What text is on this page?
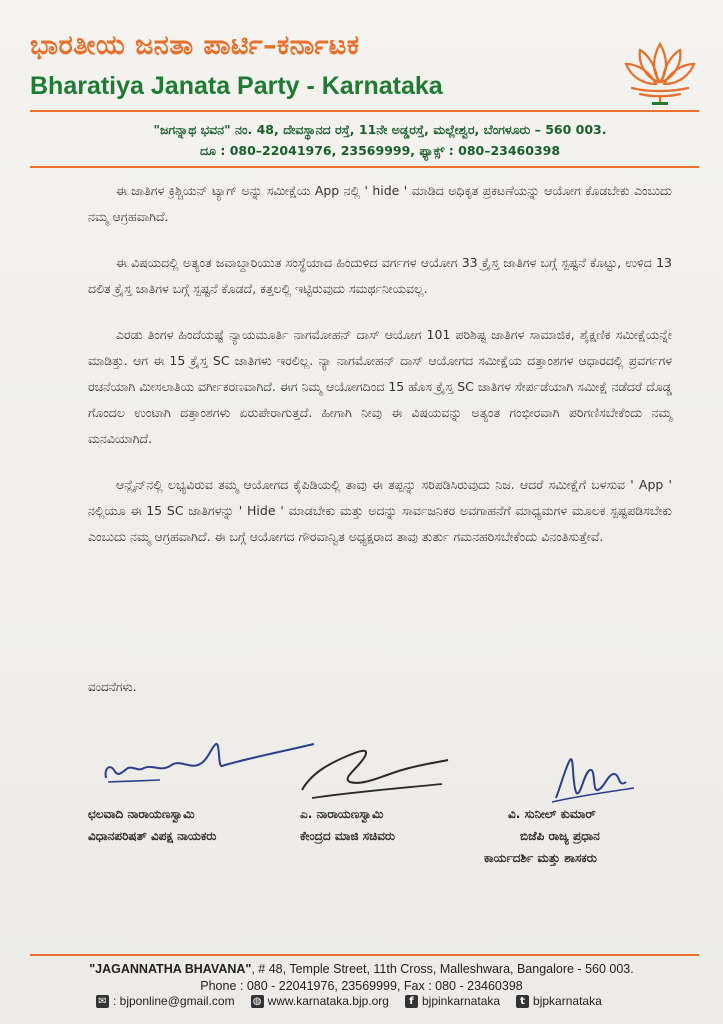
ಭಾರತೀಯ ಜನತಾ ಪಾರ್ಟಿ–ಕರ್ನಾಟಕ
Bharatiya Janata Party - Karnataka
"ಜಗನ್ನಾಥ ಭವನ" ನಂ. 48, ದೇವಸ್ಥಾನದ ರಸ್ತೆ, 11ನೇ ಅಡ್ಡರಸ್ತೆ, ಮಲ್ಲೇಶ್ವರ, ಬೆಂಗಳೂರು – 560 003.
ದೂ : 080–22041976, 23569999, ಫ್ಯಾಕ್ಸ್ : 080–23460398

ಈ ಜಾತಿಗಳ ಕ್ರಿಶ್ಚಿಯನ್ ಟ್ಯಾಗ್ ಅನ್ನು ಸಮೀಕ್ಷೆಯ App ನಲ್ಲಿ ' hide ' ಮಾಡಿದ ಅಧಿಕೃತ ಪ್ರಕಟಣೆಯನ್ನು ಆಯೋಗ ಕೊಡಬೇಕು ಎಂಬುದು ನಮ್ಮ ಆಗ್ರಹವಾಗಿದೆ.

ಈ ವಿಷಯದಲ್ಲಿ ಅತ್ಯಂತ ಜವಾಬ್ದಾರಿಯುತ ಸಂಸ್ಥೆಯಾದ ಹಿಂದುಳಿದ ವರ್ಗಗಳ ಆಯೋಗ 33 ಕ್ರೈಸ್ತ ಜಾತಿಗಳ ಬಗ್ಗೆ ಸ್ಪಷ್ಟನೆ ಕೊಟ್ಟು, ಉಳಿದ 13 ದಲಿತ ಕ್ರೈಸ್ತ ಜಾತಿಗಳ ಬಗ್ಗೆ ಸ್ಪಷ್ಟನೆ ಕೊಡದೆ, ಕತ್ತಲಲ್ಲಿ ಇಟ್ಟಿರುವುದು ಸಮರ್ಥನೀಯವಲ್ಲ.

ಎರಡು ತಿಂಗಳ ಹಿಂದೆಯಷ್ಟೆ ನ್ಯಾಯಮೂರ್ತಿ ನಾಗಮೋಹನ್ ದಾಸ್ ಆಯೋಗ 101 ಪರಿಶಿಷ್ಟ ಜಾತಿಗಳ ಸಾಮಾಜಿಕ, ಶೈಕ್ಷಣಿಕ ಸಮೀಕ್ಷೆಯನ್ನೇ ಮಾಡಿತ್ತು. ಆಗ ಈ 15 ಕ್ರೈಸ್ತ SC ಜಾತಿಗಳು ಇರಲಿಲ್ಲ. ನ್ಯಾ ನಾಗಮೋಹನ್ ದಾಸ್ ಆಯೋಗದ ಸಮೀಕ್ಷೆಯ ದತ್ತಾಂಶಗಳ ಆಧಾರದಲ್ಲಿ ಪ್ರವರ್ಗಗಳ ರಚನೆಯಾಗಿ ಮೀಸಲಾತಿಯ ವರ್ಗೀಕರಣವಾಗಿದೆ. ಈಗ ನಿಮ್ಮ ಆಯೋಗದಿಂದ 15 ಹೊಸ ಕ್ರೈಸ್ತ SC ಜಾತಿಗಳ ಸೇರ್ಪಡೆಯಾಗಿ ಸಮೀಕ್ಷೆ ನಡೆದರೆ ದೊಡ್ಡ ಗೊಂದಲ ಉಂಟಾಗಿ ದತ್ತಾಂಶಗಳು ಏರುಪೇರಾಗುತ್ತದೆ. ಹೀಗಾಗಿ ನೀವು ಈ ವಿಷಯವನ್ನು ಅತ್ಯಂತ ಗಂಭೀರವಾಗಿ ಪರಿಗಣಿಸಬೇಕೆಂದು ನಮ್ಮ ಮನವಿಯಾಗಿದೆ.

ಆನ್ಲೈನ್‌ನಲ್ಲಿ ಲಭ್ಯವಿರುವ ತಮ್ಮ ಆಯೋಗದ ಕೈಪಿಡಿಯಲ್ಲಿ ತಾವು ಈ ತಪ್ಪನ್ನು ಸರಿಪಡಿಸಿರುವುದು ನಿಜ. ಆದರೆ ಸಮೀಕ್ಷೆಗೆ ಬಳಸುವ ' App ' ನಲ್ಲಿಯೂ ಈ 15 SC ಜಾತಿಗಳನ್ನು ' Hide ' ಮಾಡಬೇಕು ಮತ್ತು ಅದನ್ನು ಸಾರ್ವಜನಿಕರ ಅವಗಾಹನೆಗೆ ಮಾಧ್ಯಮಗಳ ಮೂಲಕ ಸ್ಪಷ್ಟಪಡಿಸಬೇಕು ಎಂಬುದು ನಮ್ಮ ಆಗ್ರಹವಾಗಿದೆ. ಈ ಬಗ್ಗೆ ಆಯೋಗದ ಗೌರವಾನ್ವಿತ ಅಧ್ಯಕ್ಷರಾದ ತಾವು ತುರ್ತು ಗಮನಹರಿಸಬೇಕೆಂದು ವಿನಂತಿಸುತ್ತೇವೆ.

ವಂದನೆಗಳು.
ಛಲವಾದಿ ನಾರಾಯಣಸ್ವಾಮಿ
ವಿಧಾನಪರಿಷತ್ ವಿಪಕ್ಷ ನಾಯಕರು
ಎ. ನಾರಾಯಣಸ್ವಾಮಿ
ಕೇಂದ್ರದ ಮಾಜಿ ಸಚಿವರು
ವಿ. ಸುನೀಲ್ ಕುಮಾರ್
ಬಿಜೆಪಿ ರಾಜ್ಯ ಪ್ರಧಾನ
ಕಾರ್ಯದರ್ಶಿ ಮತ್ತು ಶಾಸಕರು
"JAGANNATHA BHAVANA", # 48, Temple Street, 11th Cross, Malleshwara, Bangalore - 560 003.
Phone : 080 - 22041976, 23569999, Fax : 080 - 23460398
✉ : bjponline@gmail.com ◍ www.karnataka.bjp.org	f bjpinkarnataka	t bjpkarnataka
